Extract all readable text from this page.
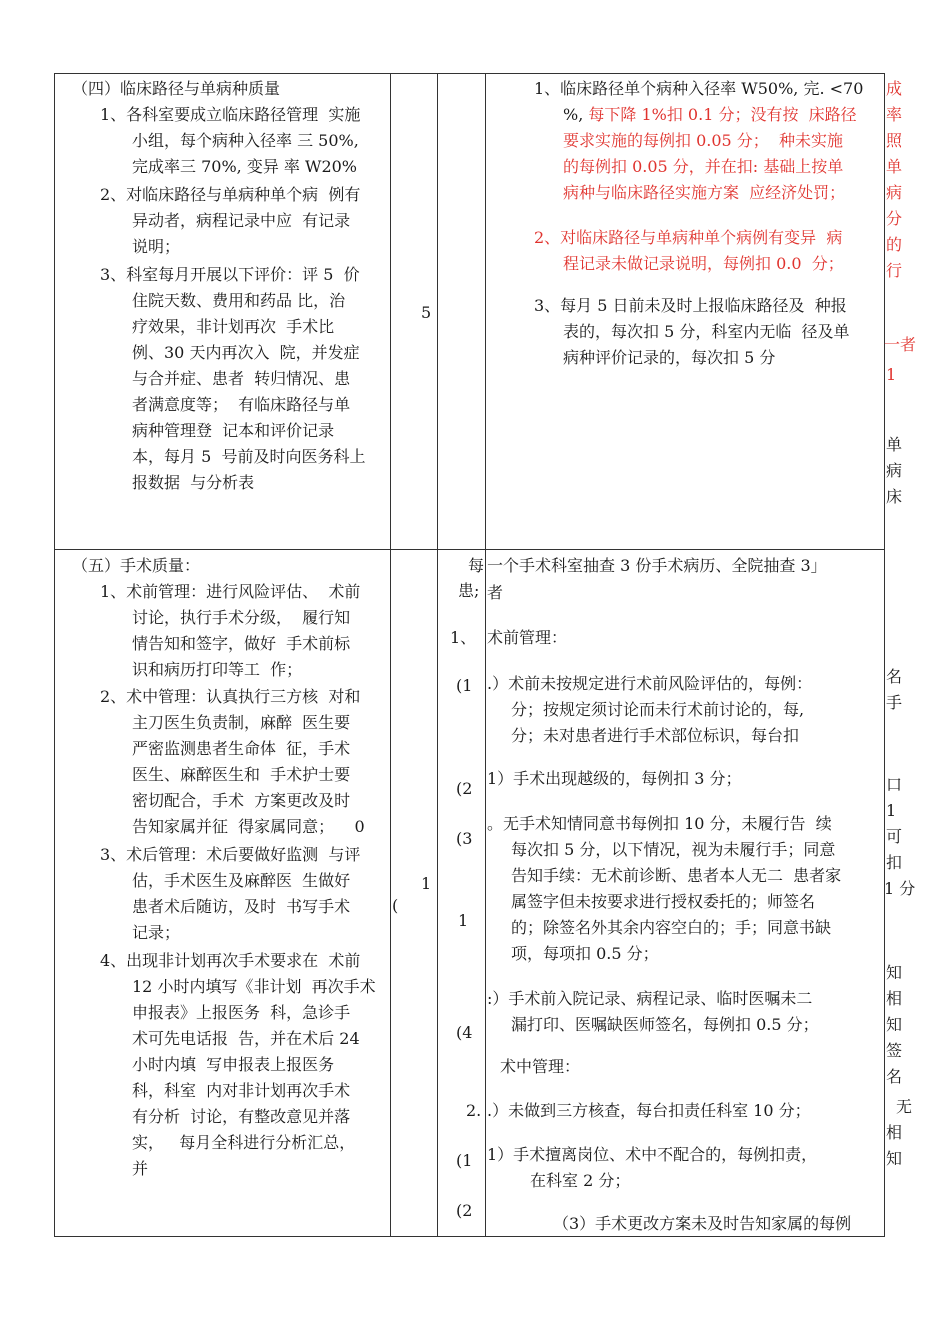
（四）临床路径与单病种质量

1、各科室要成立临床路径管理  实施

小组，每个病种入径率 三 50%,

完成率三 70%, 变异 率 W20%

2、对临床路径与单病种单个病  例有

异动者，病程记录中应  有记录

说明；

3、科室每月开展以下评价：评 5  价

住院天数、费用和药品 比，治

疗效果，非计划再次  手术比

例、30 天内再次入  院，并发症

与合并症、患者  转归情况、患

者满意度等；  有临床路径与单

病种管理登  记本和评价记录

本，每月 5  号前及时向医务科上

报数据  与分析表

5

1、临床路径单个病种入径率 W50%, 完. <70

%, 每下降 1%扣 0.1 分；没有按  床路径

要求实施的每例扣 0.05 分；  种未实施

的每例扣 0.05 分，并在扣: 基础上按单

病种与临床路径实施方案  应经济处罚；

2、对临床路径与单病种单个病例有变异  病

程记录未做记录说明，每例扣 0.0  分；

3、每月 5 日前未及时上报临床路径及  种报

表的，每次扣 5 分，科室内无临  径及单

病种评价记录的，每次扣 5 分

成

率

照

单

病

分

的

行

一者

1

单

病

床

（五）手术质量：

1、术前管理：进行风险评估、  术前

讨论，执行手术分级，  履行知

情告知和签字，做好  手术前标

识和病历打印等工  作；

2、术中管理：认真执行三方核  对和

主刀医生负责制，麻醉  医生要

严密监测患者生命体  征，手术

医生、麻醉医生和  手术护士要

密切配合，手术  方案更改及时

告知家属并征  得家属同意；    0

3、术后管理：术后要做好监测  与评

估，手术医生及麻醉医  生做好

患者术后随访，及时  书写手术

记录；

4、出现非计划再次手术要求在  术前

12 小时内填写《非计划  再次手术

申报表》上报医务  科，急诊手

术可先电话报  告，并在术后 24

小时内填  写申报表上报医务

科，科室  内对非计划再次手术

有分析  讨论，有整改意见并落

实，   每月全科进行分析汇总，

并

1

(

每

患;

1、

(1

(2

(3

1

(4

2.

(1

(2

一个手术科室抽查 3 份手术病历、全院抽查 3」

者

术前管理：

.）术前未按规定进行术前风险评估的，每例：

分；按规定须讨论而未行术前讨论的，每,

分；未对患者进行手术部位标识，每台扣

1）手术出现越级的，每例扣 3 分；

。无手术知情同意书每例扣 10 分，未履行告  续

每次扣 5 分，以下情况，视为未履行手；同意

告知手续：无术前诊断、患者本人无二  患者家

属签字但未按要求进行授权委托的；师签名

的；除签名外其余内容空白的；手；同意书缺

项，每项扣 0.5 分；

:）手术前入院记录、病程记录、临时医嘱未二

漏打印、医嘱缺医师签名，每例扣 0.5 分；

术中管理：

.）未做到三方核查，每台扣责任科室 10 分；

1）手术擅离岗位、术中不配合的，每例扣责，

在科室 2 分；

（3）手术更改方案未及时告知家属的每例

名

手

口

1

可

扣

1 分

知

相

知

签

名

无

相

知
